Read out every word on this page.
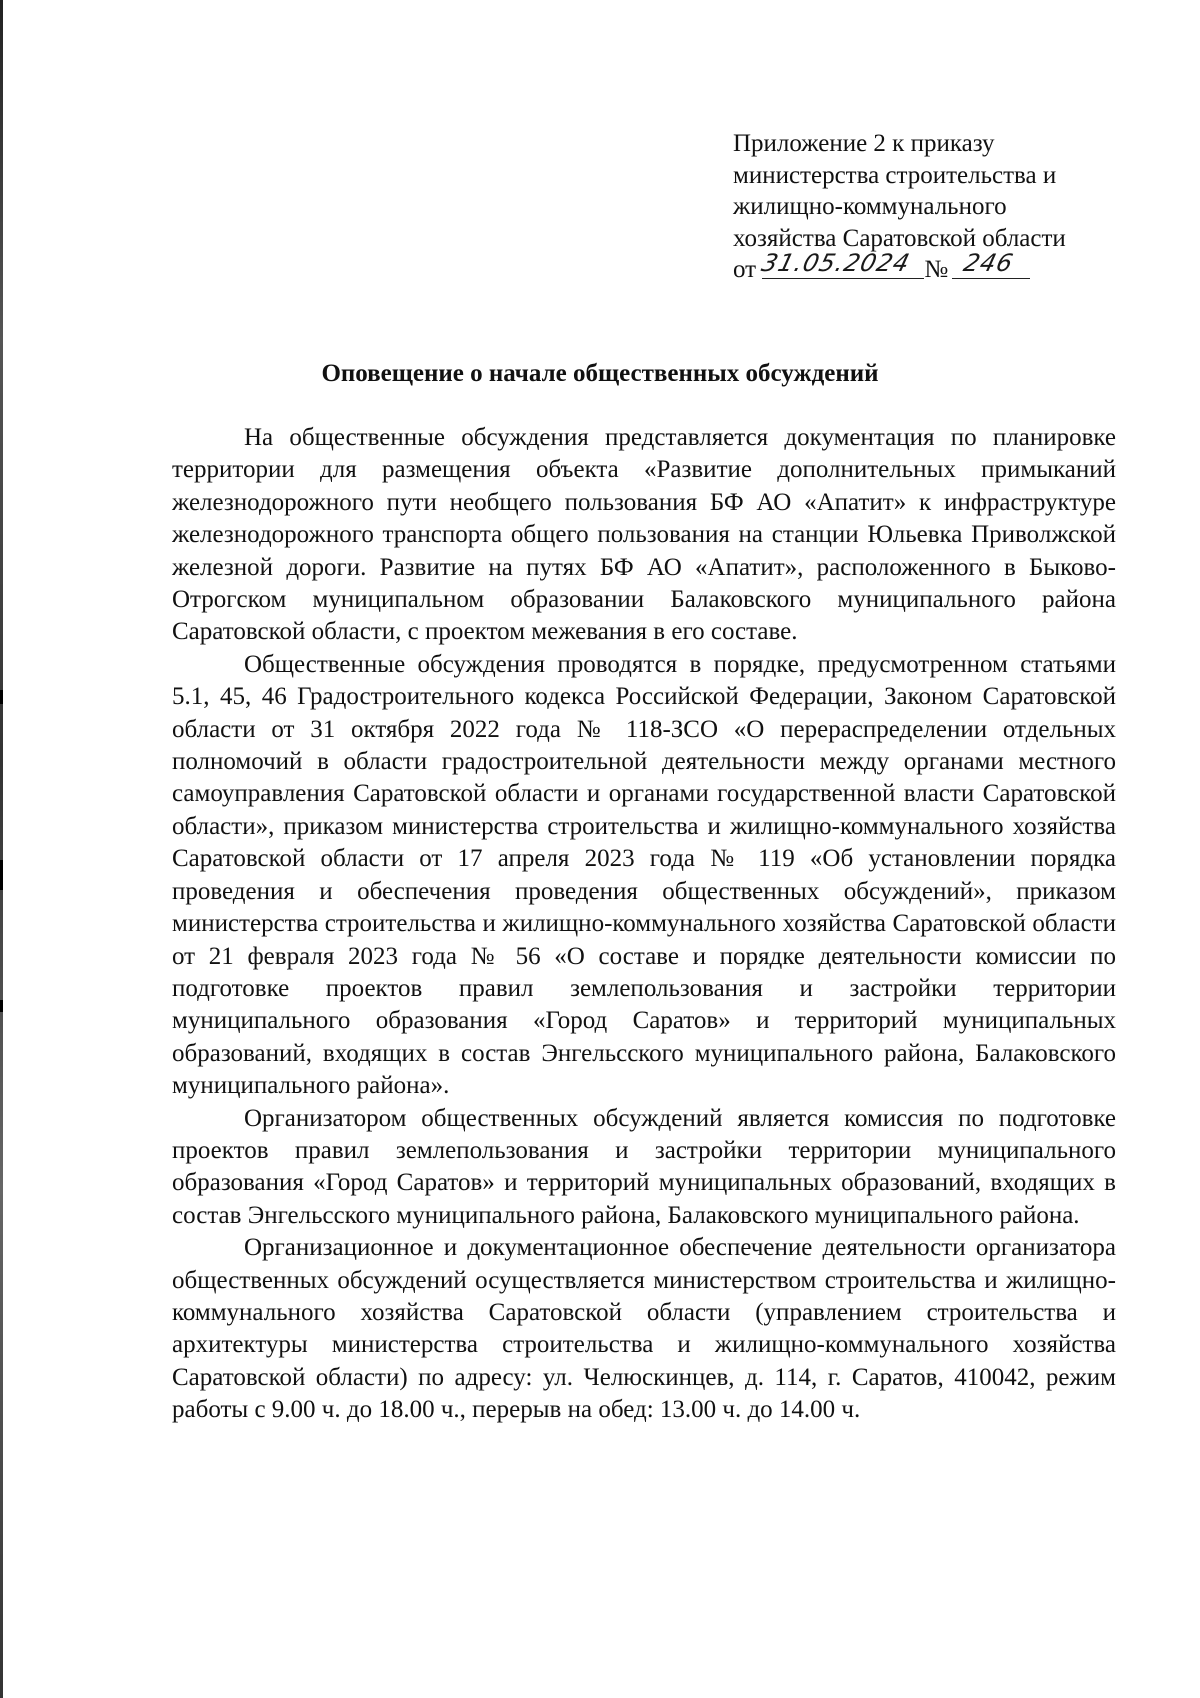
Приложение 2 к приказу
министерства строительства и
жилищно-коммунального
хозяйства Саратовской области
от 31.05.2024 № 246
Оповещение о начале общественных обсуждений

На общественные обсуждения представляется документация по планировке территории для размещения объекта «Развитие дополнительных примыканий железнодорожного пути необщего пользования БФ АО «Апатит» к инфраструктуре железнодорожного транспорта общего пользования на станции Юльевка Приволжской железной дороги. Развитие на путях БФ АО «Апатит», расположенного в Быково-Отрогском муниципальном образовании Балаковского муниципального района Саратовской области, с проектом межевания в его составе.

Общественные обсуждения проводятся в порядке, предусмотренном статьями 5.1, 45, 46 Градостроительного кодекса Российской Федерации, Законом Саратовской области от 31 октября 2022 года № 118-ЗСО «О перераспределении отдельных полномочий в области градостроительной деятельности между органами местного самоуправления Саратовской области и органами государственной власти Саратовской области», приказом министерства строительства и жилищно-коммунального хозяйства Саратовской области от 17 апреля 2023 года № 119 «Об установлении порядка проведения и обеспечения проведения общественных обсуждений», приказом министерства строительства и жилищно-коммунального хозяйства Саратовской области от 21 февраля 2023 года № 56 «О составе и порядке деятельности комиссии по подготовке проектов правил землепользования и застройки территории муниципального образования «Город Саратов» и территорий муниципальных образований, входящих в состав Энгельсского муниципального района, Балаковского муниципального района».

Организатором общественных обсуждений является комиссия по подготовке проектов правил землепользования и застройки территории муниципального образования «Город Саратов» и территорий муниципальных образований, входящих в состав Энгельсского муниципального района, Балаковского муниципального района.

Организационное и документационное обеспечение деятельности организатора общественных обсуждений осуществляется министерством строительства и жилищно-коммунального хозяйства Саратовской области (управлением строительства и архитектуры министерства строительства и жилищно-коммунального хозяйства Саратовской области) по адресу: ул. Челюскинцев, д. 114, г. Саратов, 410042, режим работы с 9.00 ч. до 18.00 ч., перерыв на обед: 13.00 ч. до 14.00 ч.
